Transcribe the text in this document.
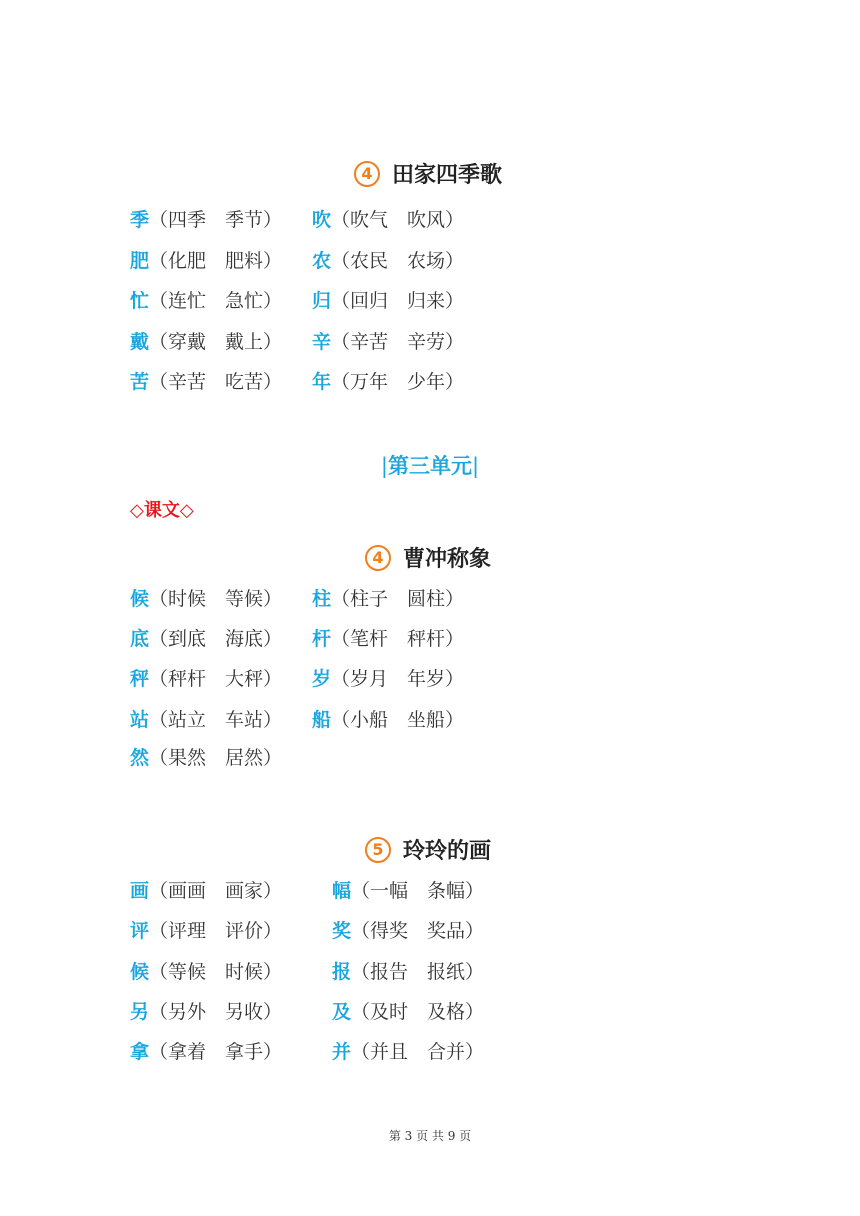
4 田家四季歌
季 （四季　季节） 吹 （吹气　吹风）
肥 （化肥　肥料） 农 （农民　农场）
忙 （连忙　急忙） 归 （回归　归来）
戴 （穿戴　戴上） 辛 （辛苦　辛劳）
苦 （辛苦　吃苦） 年 （万年　少年）
|第三单元|
◇课文◇
4 曹冲称象
候 （时候　等候） 柱 （柱子　圆柱）
底 （到底　海底） 杆 （笔杆　秤杆）
秤 （秤杆　大秤） 岁 （岁月　年岁）
站 （站立　车站） 船 （小船　坐船）
然 （果然　居然）
5 玲玲的画
画 （画画　画家）	幅 （一幅　条幅）
评 （评理　评价）	奖 （得奖　奖品）
候 （等候　时候）	报 （报告　报纸）
另 （另外　另收）	及 （及时　及格）
拿 （拿着　拿手）	并 （并且　合并）
第 3 页 共 9 页
